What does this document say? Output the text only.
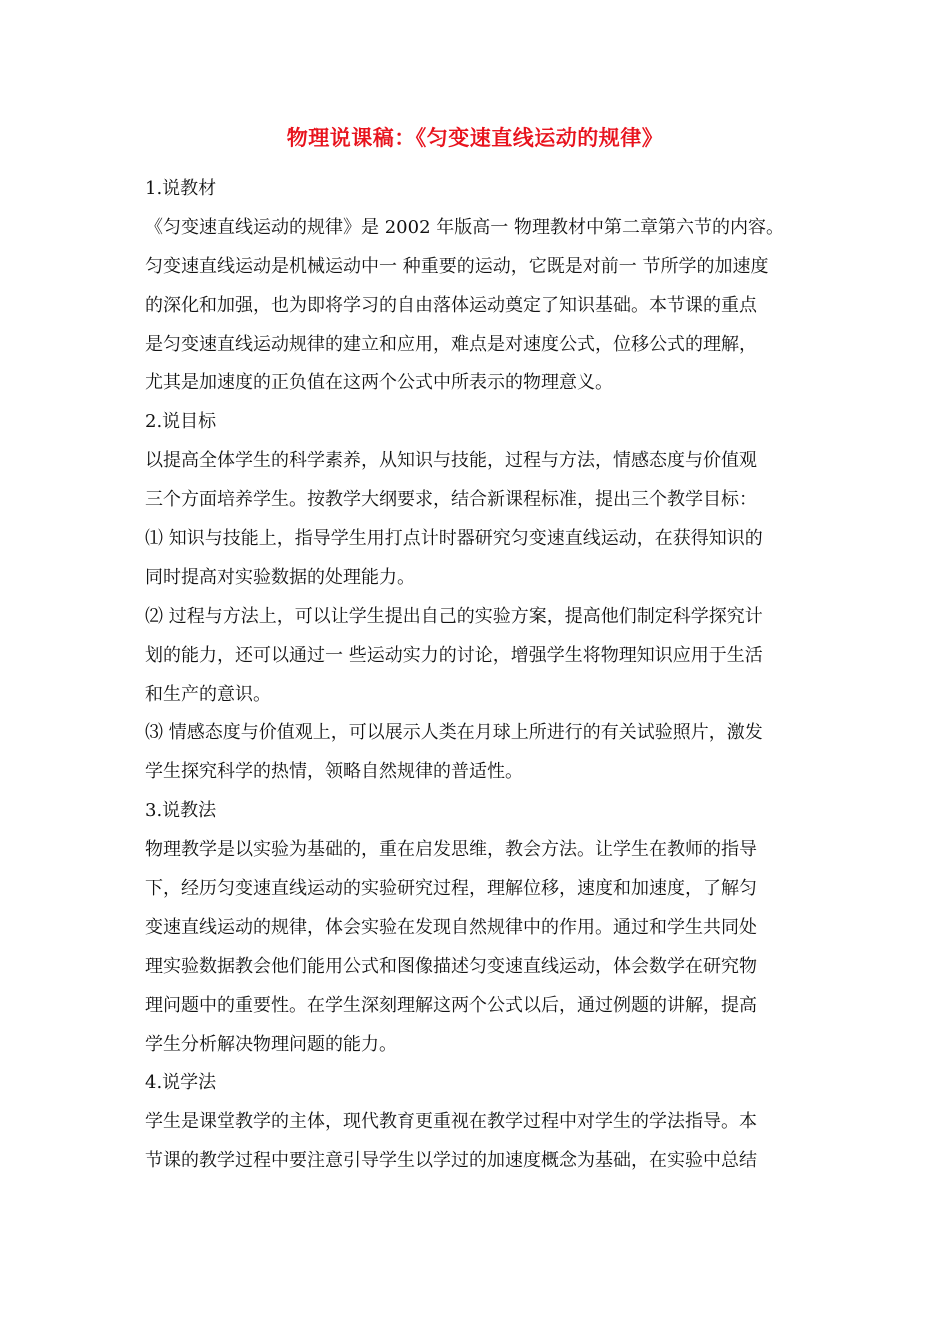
物理说课稿：《匀变速直线运动的规律》
1.说教材
《匀变速直线运动的规律》是 2002 年版高一 物理教材中第二章第六节的内容。
匀变速直线运动是机械运动中一 种重要的运动，它既是对前一 节所学的加速度
的深化和加强，也为即将学习的自由落体运动奠定了知识基础。本节课的重点
是匀变速直线运动规律的建立和应用，难点是对速度公式，位移公式的理解，
尤其是加速度的正负值在这两个公式中所表示的物理意义。
2.说目标
以提高全体学生的科学素养，从知识与技能，过程与方法，情感态度与价值观
三个方面培养学生。按教学大纲要求，结合新课程标准，提出三个教学目标：
⑴ 知识与技能上，指导学生用打点计时器研究匀变速直线运动，在获得知识的
同时提高对实验数据的处理能力。
⑵ 过程与方法上，可以让学生提出自己的实验方案，提高他们制定科学探究计
划的能力，还可以通过一 些运动实力的讨论，增强学生将物理知识应用于生活
和生产的意识。
⑶ 情感态度与价值观上，可以展示人类在月球上所进行的有关试验照片，激发
学生探究科学的热情，领略自然规律的普适性。
3.说教法
物理教学是以实验为基础的，重在启发思维，教会方法。让学生在教师的指导
下，经历匀变速直线运动的实验研究过程，理解位移，速度和加速度，了解匀
变速直线运动的规律，体会实验在发现自然规律中的作用。通过和学生共同处
理实验数据教会他们能用公式和图像描述匀变速直线运动，体会数学在研究物
理问题中的重要性。在学生深刻理解这两个公式以后，通过例题的讲解，提高
学生分析解决物理问题的能力。
4.说学法
学生是课堂教学的主体，现代教育更重视在教学过程中对学生的学法指导。本
节课的教学过程中要注意引导学生以学过的加速度概念为基础，在实验中总结
